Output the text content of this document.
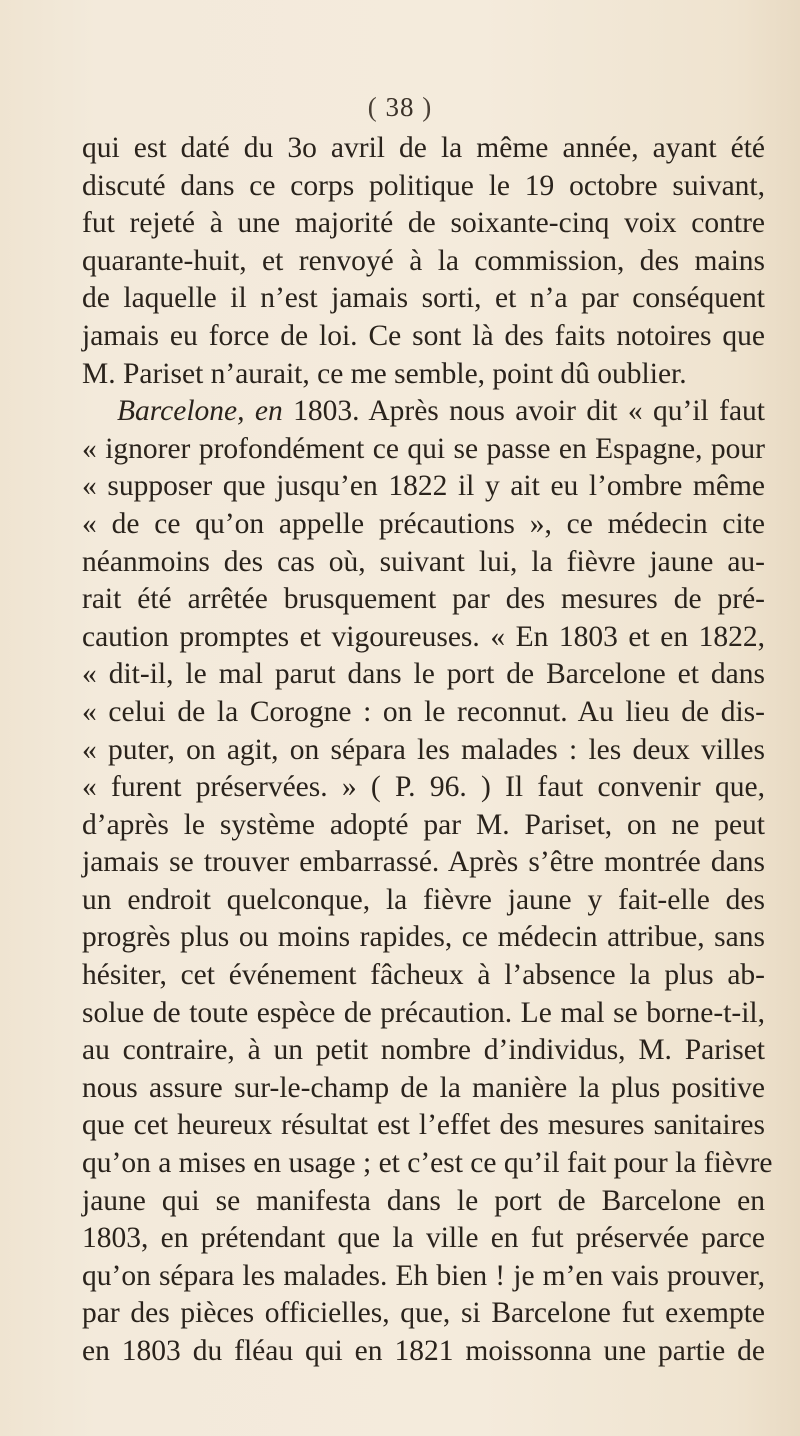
( 38 )
qui est daté du 3o avril de la même année, ayant été
discuté dans ce corps politique le 19 octobre suivant,
fut rejeté à une majorité de soixante-cinq voix contre
quarante-huit, et renvoyé à la commission, des mains
de laquelle il n’est jamais sorti, et n’a par conséquent
jamais eu force de loi. Ce sont là des faits notoires que
M. Pariset n’aurait, ce me semble, point dû oublier.
Barcelone, en 1803. Après nous avoir dit « qu’il faut
« ignorer profondément ce qui se passe en Espagne, pour
« supposer que jusqu’en 1822 il y ait eu l’ombre même
« de ce qu’on appelle précautions », ce médecin cite
néanmoins des cas où, suivant lui, la fièvre jaune au-
rait été arrêtée brusquement par des mesures de pré-
caution promptes et vigoureuses. « En 1803 et en 1822,
« dit-il, le mal parut dans le port de Barcelone et dans
« celui de la Corogne : on le reconnut. Au lieu de dis-
« puter, on agit, on sépara les malades : les deux villes
« furent préservées. » ( P. 96. ) Il faut convenir que,
d’après le système adopté par M. Pariset, on ne peut
jamais se trouver embarrassé. Après s’être montrée dans
un endroit quelconque, la fièvre jaune y fait-elle des
progrès plus ou moins rapides, ce médecin attribue, sans
hésiter, cet événement fâcheux à l’absence la plus ab-
solue de toute espèce de précaution. Le mal se borne-t-il,
au contraire, à un petit nombre d’individus, M. Pariset
nous assure sur-le-champ de la manière la plus positive
que cet heureux résultat est l’effet des mesures sanitaires
qu’on a mises en usage ; et c’est ce qu’il fait pour la fièvre
jaune qui se manifesta dans le port de Barcelone en
1803, en prétendant que la ville en fut préservée parce
qu’on sépara les malades. Eh bien ! je m’en vais prouver,
par des pièces officielles, que, si Barcelone fut exempte
en 1803 du fléau qui en 1821 moissonna une partie de
